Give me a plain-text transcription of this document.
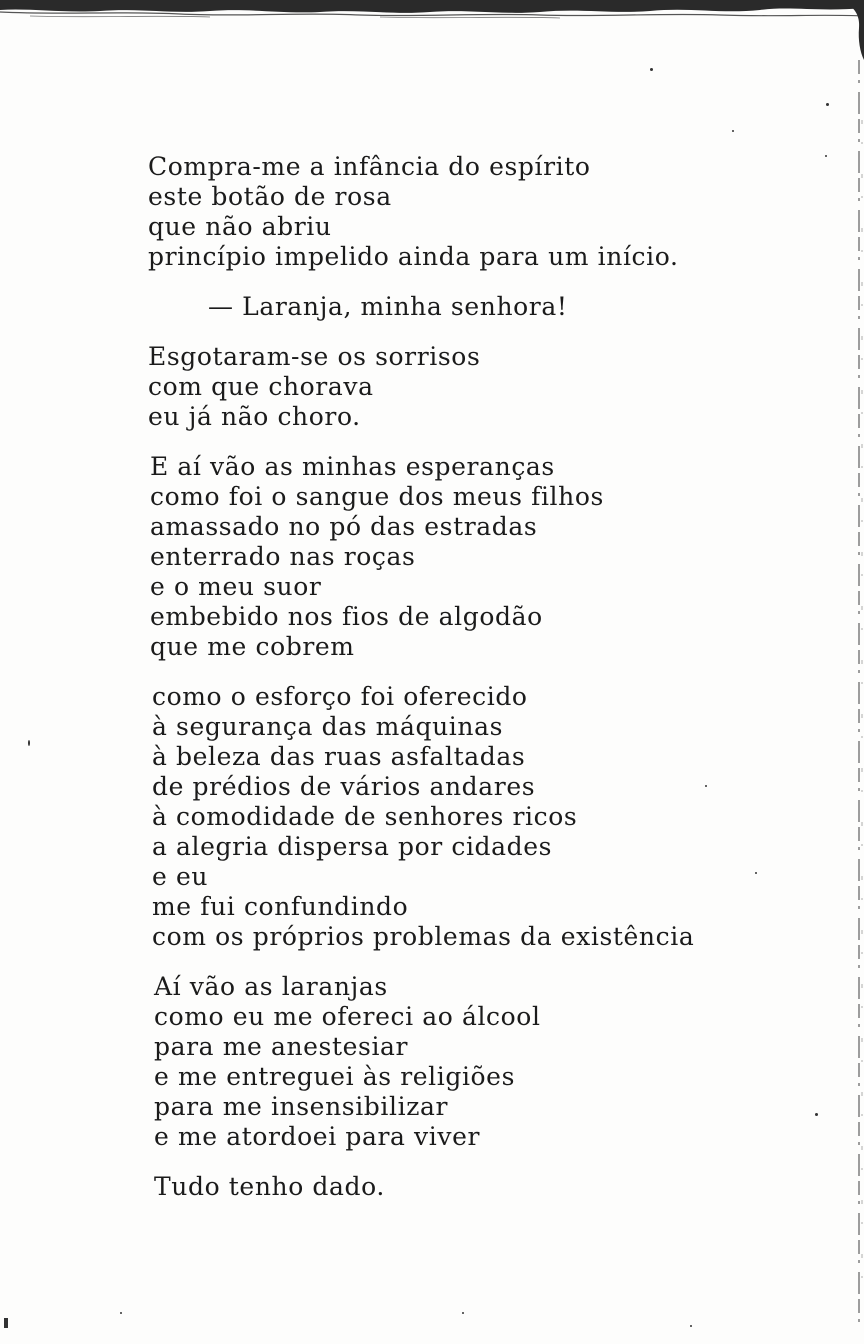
Compra-me a infância do espírito
este botão de rosa
que não abriu
princípio impelido ainda para um início.

— Laranja, minha senhora!

Esgotaram-se os sorrisos
com que chorava
eu já não choro.

E aí vão as minhas esperanças
como foi o sangue dos meus filhos
amassado no pó das estradas
enterrado nas roças
e o meu suor
embebido nos fios de algodão
que me cobrem

como o esforço foi oferecido
à segurança das máquinas
à beleza das ruas asfaltadas
de prédios de vários andares
à comodidade de senhores ricos
a alegria dispersa por cidades
e eu
me fui confundindo
com os próprios problemas da existência

Aí vão as laranjas
como eu me ofereci ao álcool
para me anestesiar
e me entreguei às religiões
para me insensibilizar
e me atordoei para viver

Tudo tenho dado.
